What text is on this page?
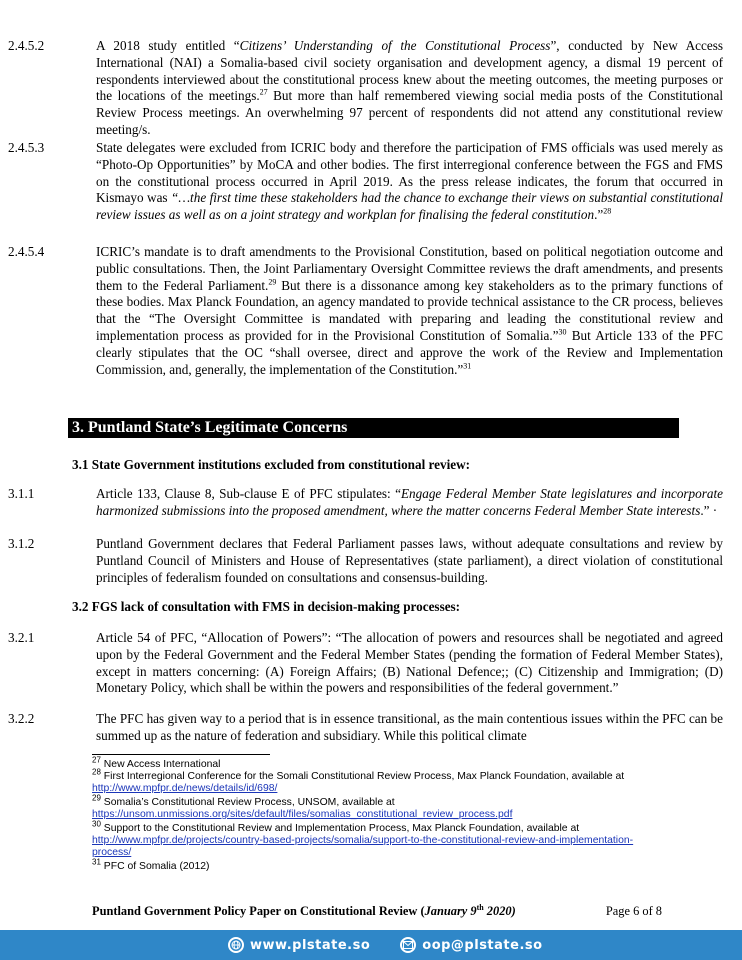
2.4.5.2	A 2018 study entitled “Citizens’ Understanding of the Constitutional Process”, conducted by New Access International (NAI) a Somalia-based civil society organisation and development agency, a dismal 19 percent of respondents interviewed about the constitutional process knew about the meeting outcomes, the meeting purposes or the locations of the meetings.$^{27}$ But more than half remembered viewing social media posts of the Constitutional Review Process meetings. An overwhelming 97 percent of respondents did not attend any constitutional review meeting/s.
2.4.5.3	State delegates were excluded from ICRIC body and therefore the participation of FMS officials was used merely as “Photo-Op Opportunities” by MoCA and other bodies. The first interregional conference between the FGS and FMS on the constitutional process occurred in April 2019. As the press release indicates, the forum that occurred in Kismayo was “…the first time these stakeholders had the chance to exchange their views on substantial constitutional review issues as well as on a joint strategy and workplan for finalising the federal constitution.”$^{28}$
2.4.5.4	ICRIC’s mandate is to draft amendments to the Provisional Constitution, based on political negotiation outcome and public consultations. Then, the Joint Parliamentary Oversight Committee reviews the draft amendments, and presents them to the Federal Parliament.$^{29}$ But there is a dissonance among key stakeholders as to the primary functions of these bodies. Max Planck Foundation, an agency mandated to provide technical assistance to the CR process, believes that the “The Oversight Committee is mandated with preparing and leading the constitutional review and implementation process as provided for in the Provisional Constitution of Somalia.”$^{30}$ But Article 133 of the PFC clearly stipulates that the OC “shall oversee, direct and approve the work of the Review and Implementation Commission, and, generally, the implementation of the Constitution.”$^{31}$
3. Puntland State’s Legitimate Concerns
3.1 State Government institutions excluded from constitutional review:
3.1.1	Article 133, Clause 8, Sub-clause E of PFC stipulates: “Engage Federal Member State legislatures and incorporate harmonized submissions into the proposed amendment, where the matter concerns Federal Member State interests.” ·
3.1.2	Puntland Government declares that Federal Parliament passes laws, without adequate consultations and review by Puntland Council of Ministers and House of Representatives (state parliament), a direct violation of constitutional principles of federalism founded on consultations and consensus-building.
3.2 FGS lack of consultation with FMS in decision-making processes:
3.2.1	Article 54 of PFC, “Allocation of Powers”: “The allocation of powers and resources shall be negotiated and agreed upon by the Federal Government and the Federal Member States (pending the formation of Federal Member States), except in matters concerning: (A) Foreign Affairs; (B) National Defence;; (C) Citizenship and Immigration; (D) Monetary Policy, which shall be within the powers and responsibilities of the federal government.”
3.2.2	The PFC has given way to a period that is in essence transitional, as the main contentious issues within the PFC can be summed up as the nature of federation and subsidiary. While this political climate
$^{27}$ New Access International
$^{28}$ First Interregional Conference for the Somali Constitutional Review Process, Max Planck Foundation, available at
http://www.mpfpr.de/news/details/id/698/
$^{29}$ Somalia’s Constitutional Review Process, UNSOM, available at
https://unsom.unmissions.org/sites/default/files/somalias_constitutional_review_process.pdf
$^{30}$ Support to the Constitutional Review and Implementation Process, Max Planck Foundation, available at
http://www.mpfpr.de/projects/country-based-projects/somalia/support-to-the-constitutional-review-and-implementation-process/
$^{31}$ PFC of Somalia (2012)
Puntland Government Policy Paper on Constitutional Review (January 9th 2020)	Page 6 of 8
www.plstate.so	oop@plstate.so
